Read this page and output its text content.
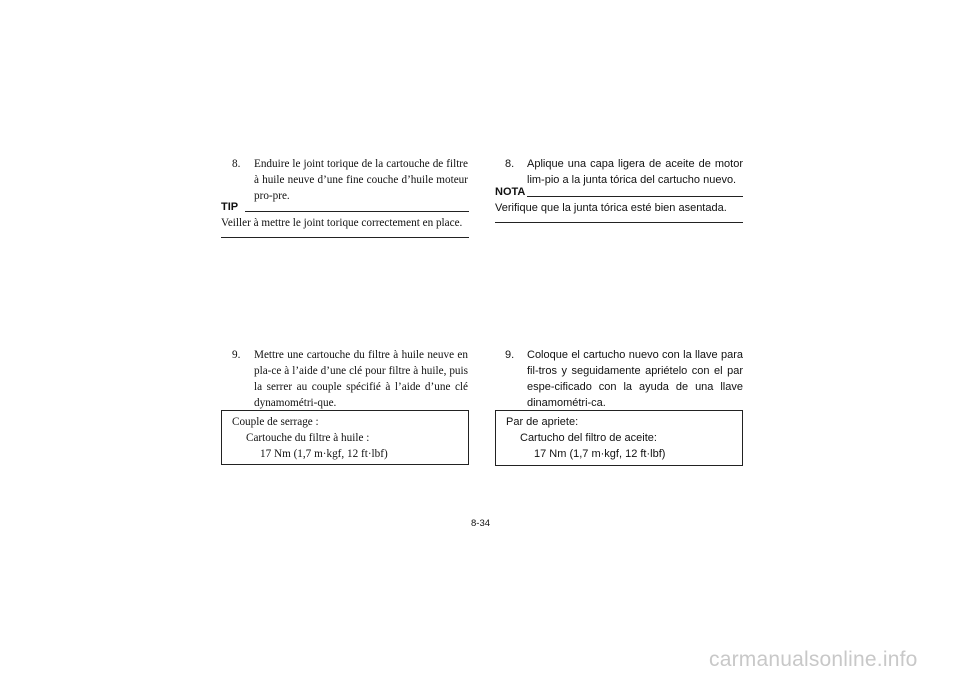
8. Enduire le joint torique de la cartouche de filtre à huile neuve d’une fine couche d’huile moteur pro-pre.
TIP
Veiller à mettre le joint torique correctement en place.
9. Mettre une cartouche du filtre à huile neuve en pla-ce à l’aide d’une clé pour filtre à huile, puis la serrer au couple spécifié à l’aide d’une clé dynamométri-que.
Couple de serrage :
Cartouche du filtre à huile :
17 Nm (1,7 m·kgf, 12 ft·lbf)
8. Aplique una capa ligera de aceite de motor lim-pio a la junta tórica del cartucho nuevo.
NOTA
Verifique que la junta tórica esté bien asentada.
9. Coloque el cartucho nuevo con la llave para fil-tros y seguidamente apriételo con el par espe-cificado con la ayuda de una llave dinamométri-ca.
Par de apriete:
Cartucho del filtro de aceite:
17 Nm (1,7 m·kgf, 12 ft·lbf)
8-34
carmanualsonline.info
